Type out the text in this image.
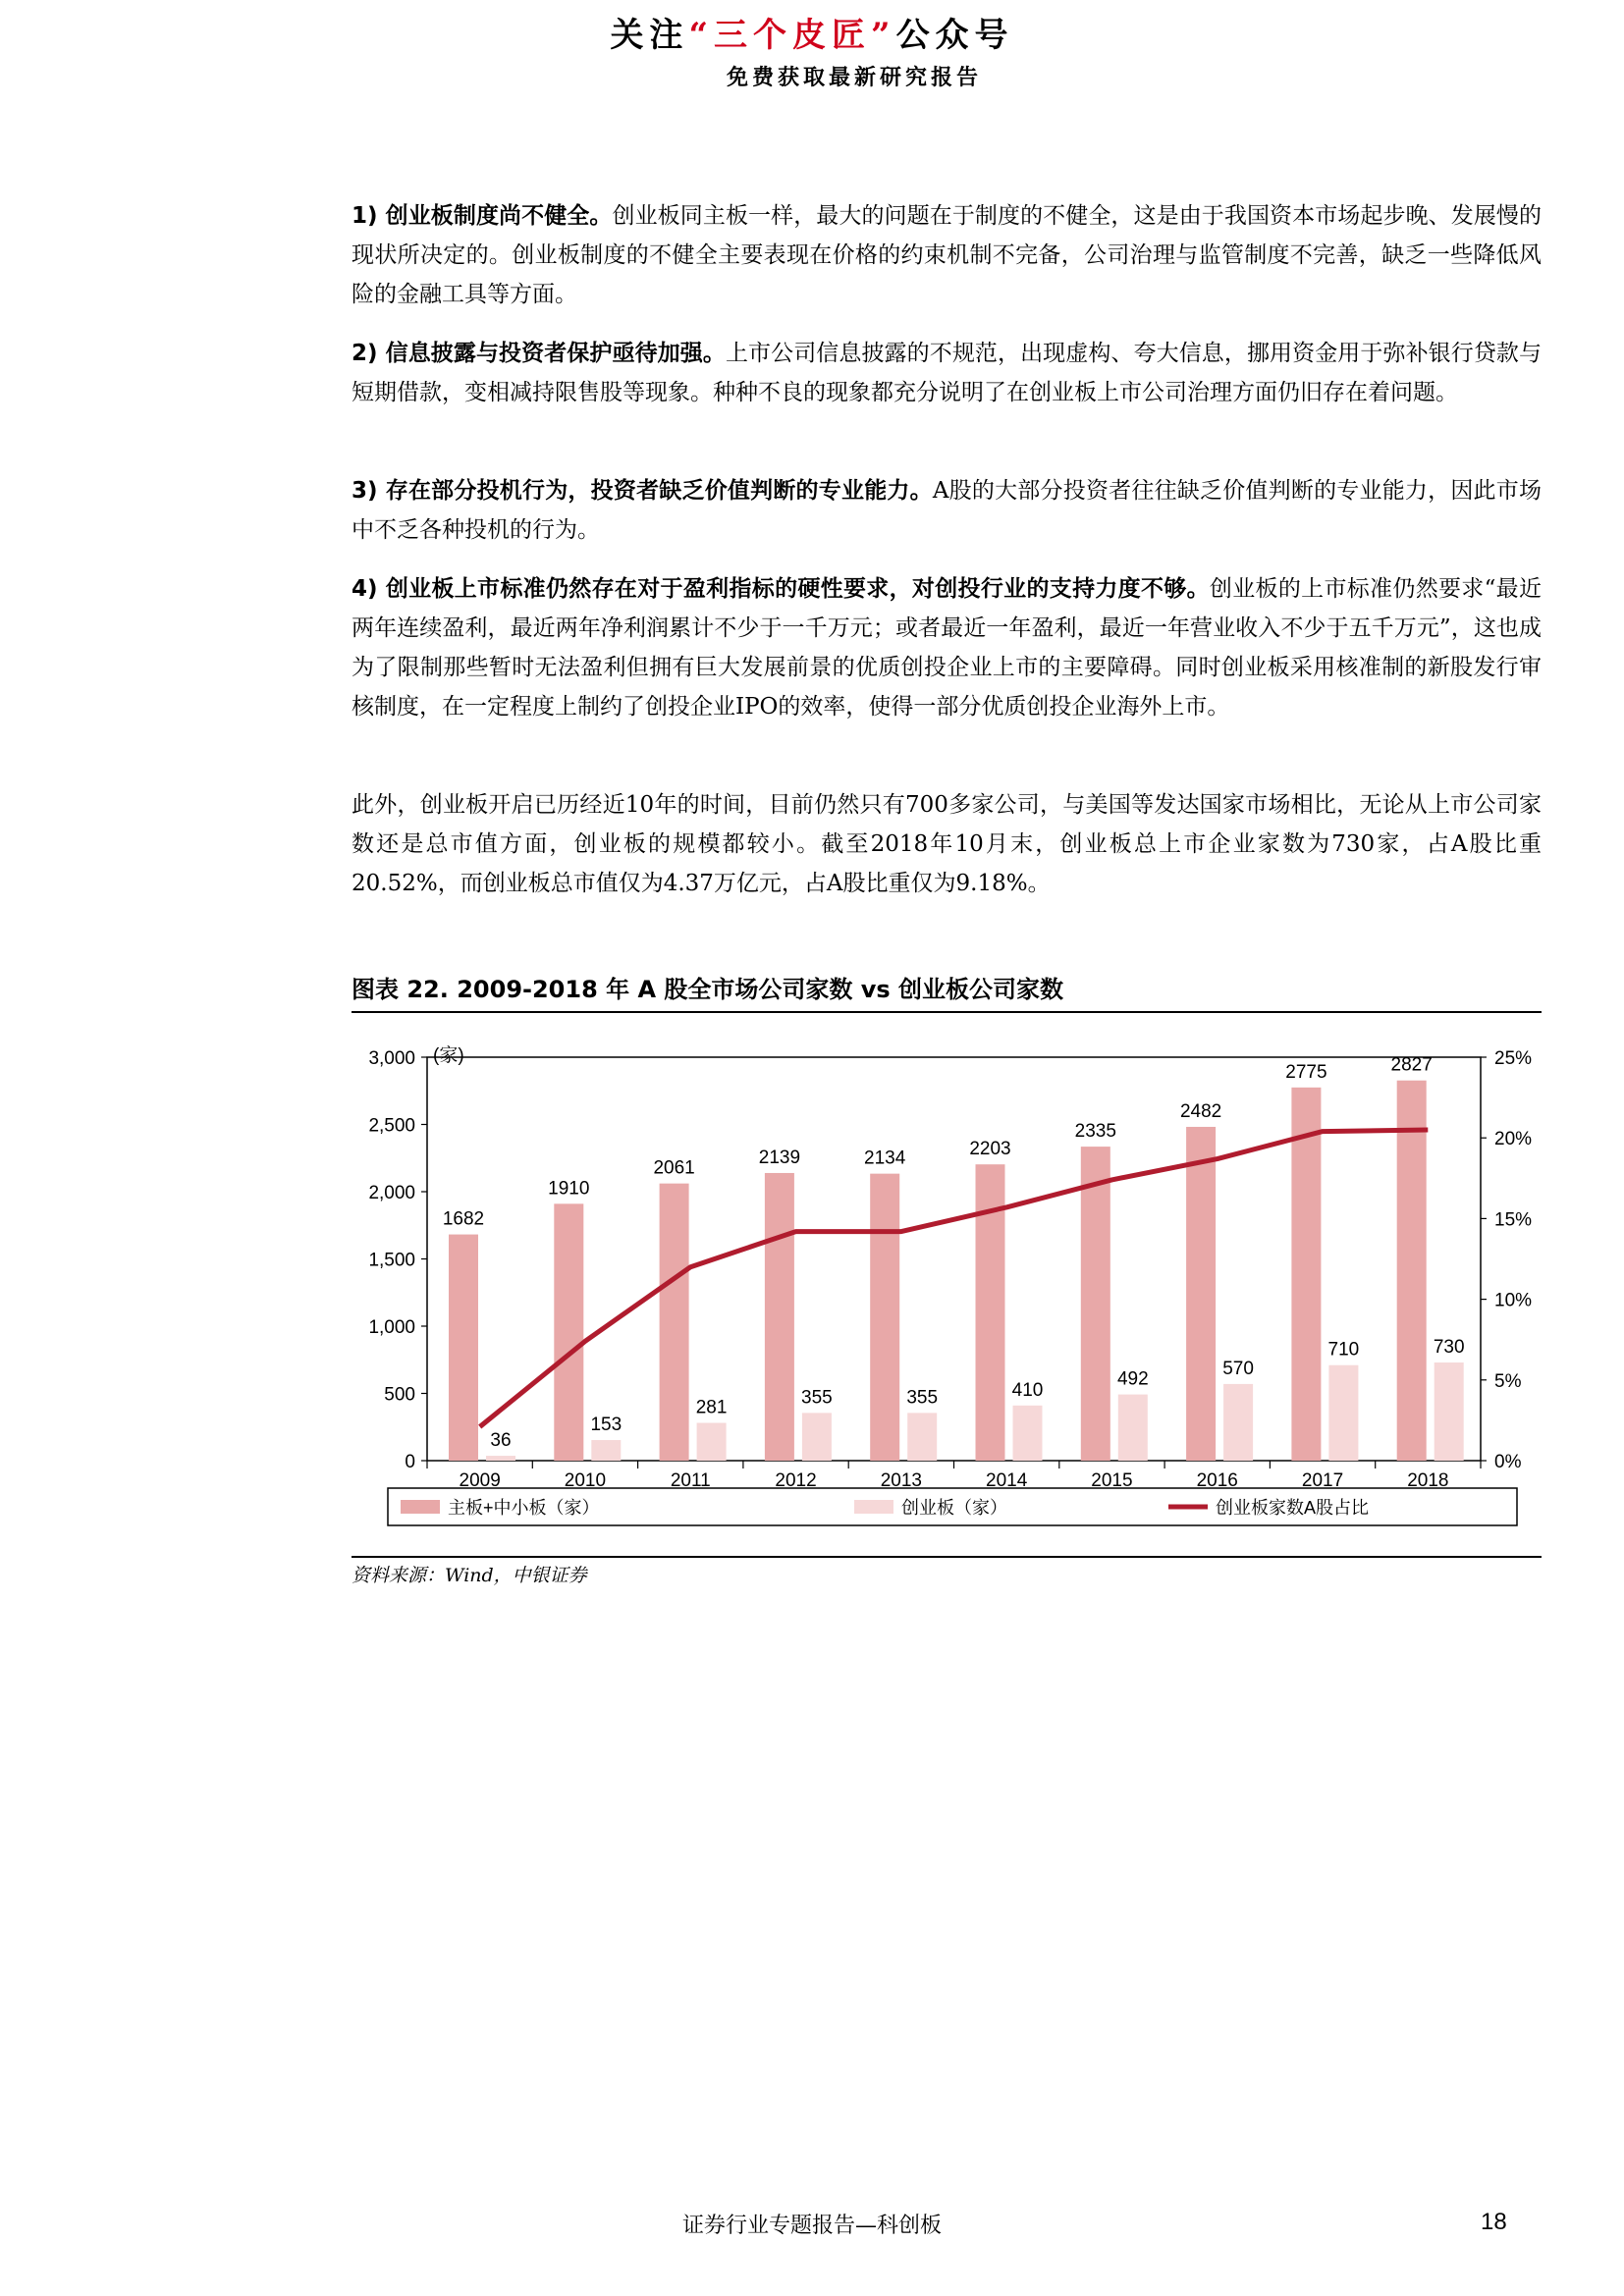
关注“三个皮匠”公众号
免费获取最新研究报告
1) 创业板制度尚不健全。创业板同主板一样，最大的问题在于制度的不健全，这是由于我国资本市场起步晚、发展慢的现状所决定的。创业板制度的不健全主要表现在价格的约束机制不完备，公司治理与监管制度不完善，缺乏一些降低风险的金融工具等方面。
2) 信息披露与投资者保护亟待加强。上市公司信息披露的不规范，出现虚构、夸大信息，挪用资金用于弥补银行贷款与短期借款，变相减持限售股等现象。种种不良的现象都充分说明了在创业板上市公司治理方面仍旧存在着问题。
3) 存在部分投机行为，投资者缺乏价值判断的专业能力。A股的大部分投资者往往缺乏价值判断的专业能力，因此市场中不乏各种投机的行为。
4) 创业板上市标准仍然存在对于盈利指标的硬性要求，对创投行业的支持力度不够。创业板的上市标准仍然要求“最近两年连续盈利，最近两年净利润累计不少于一千万元；或者最近一年盈利，最近一年营业收入不少于五千万元”，这也成为了限制那些暂时无法盈利但拥有巨大发展前景的优质创投企业上市的主要障碍。同时创业板采用核准制的新股发行审核制度，在一定程度上制约了创投企业IPO的效率，使得一部分优质创投企业海外上市。
此外，创业板开启已历经近10年的时间，目前仍然只有700多家公司，与美国等发达国家市场相比，无论从上市公司家数还是总市值方面，创业板的规模都较小。截至2018年10月末，创业板总上市企业家数为730家，占A股比重20.52%，而创业板总市值仅为4.37万亿元，占A股比重仅为9.18%。
图表 22. 2009-2018 年 A 股全市场公司家数 vs 创业板公司家数
3,000
2,500
2,000
1,500
1,000
500
0
25%
20%
15%
10%
5%
0%
(家)
1682
36
2009
1910
153
2010
2061
281
2011
2139
355
2012
2134
355
2013
2203
410
2014
2335
492
2015
2482
570
2016
2775
710
2017
2827
730
2018
主板+中小板（家）	创业板（家）	创业板家数A股占比
资料来源：Wind，中银证券
证券行业专题报告—科创板	18
